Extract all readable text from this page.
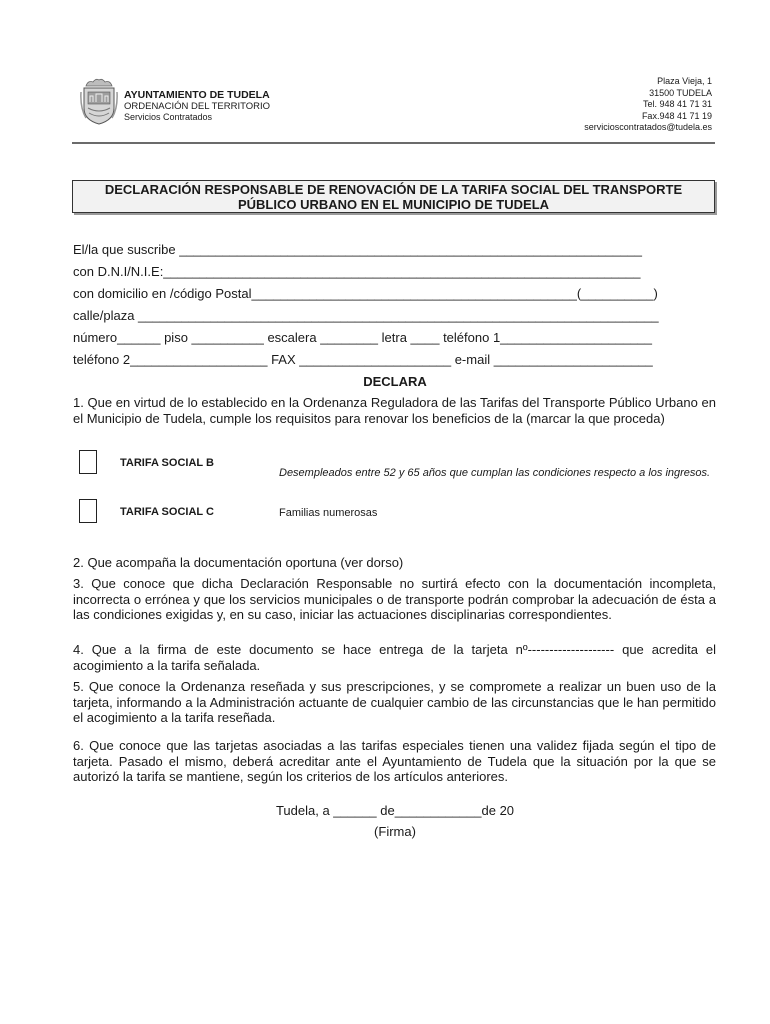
AYUNTAMIENTO DE TUDELA
ORDENACIÓN DEL TERRITORIO
Servicios Contratados
Plaza Vieja, 1
31500 TUDELA
Tel. 948 41 71 31
Fax.948 41 71 19
servicioscontratados@tudela.es
DECLARACIÓN RESPONSABLE DE RENOVACIÓN DE LA TARIFA SOCIAL DEL TRANSPORTE
PÚBLICO URBANO EN EL MUNICIPIO DE TUDELA
El/la que suscribe ________________________________________________________________
con D.N.I/N.I.E:__________________________________________________________________
con domicilio en /código Postal_____________________________________________(__________)
calle/plaza ________________________________________________________________________
número______ piso __________ escalera ________ letra ____ teléfono 1_____________________
teléfono 2___________________ FAX _____________________ e-mail ______________________
DECLARA
1. Que en virtud de lo establecido en la Ordenanza Reguladora de las Tarifas del Transporte Público Urbano en el Municipio de Tudela, cumple los requisitos para renovar los beneficios de la (marcar la que proceda)
TARIFA SOCIAL B
Desempleados entre 52 y 65 años que cumplan las condiciones respecto a los ingresos.
TARIFA SOCIAL C	Familias numerosas
2. Que acompaña la documentación oportuna (ver dorso)
3. Que conoce que dicha Declaración Responsable no surtirá efecto con la documentación incompleta, incorrecta o errónea y que los servicios municipales o de transporte podrán comprobar la adecuación de ésta a las condiciones exigidas y, en su caso, iniciar las actuaciones disciplinarias correspondientes.
4. Que a la firma de este documento se hace entrega de la tarjeta nº-------------------- que acredita el acogimiento a la tarifa señalada.
5. Que conoce la Ordenanza reseñada y sus prescripciones, y se compromete a realizar un buen uso de la tarjeta, informando a la Administración actuante de cualquier cambio de las circunstancias que le han permitido el acogimiento a la tarifa reseñada.
6. Que conoce que las tarjetas asociadas a las tarifas especiales tienen una validez fijada según el tipo de tarjeta. Pasado el mismo, deberá acreditar ante el Ayuntamiento de Tudela que la situación por la que se autorizó la tarifa se mantiene, según los criterios de los artículos anteriores.
Tudela, a ______ de____________de 20
(Firma)
